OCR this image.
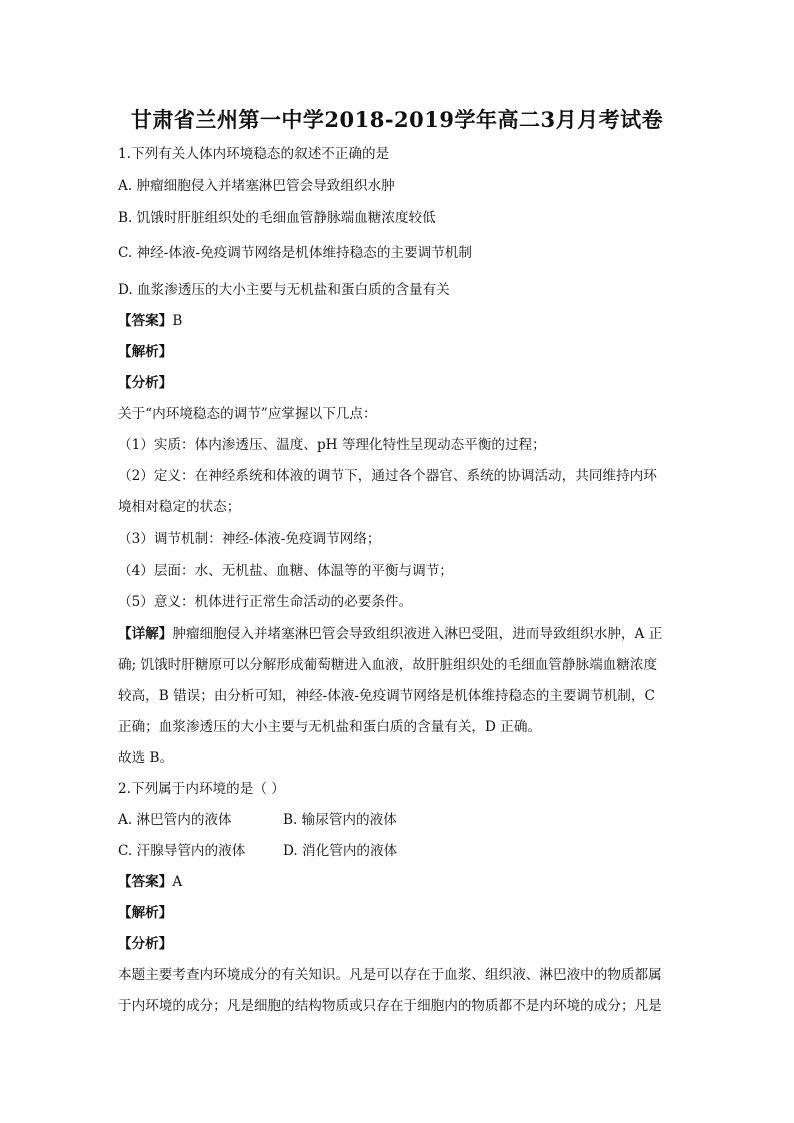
甘肃省兰州第一中学2018-2019学年高二3月月考试卷
1.下列有关人体内环境稳态的叙述不正确的是
A. 肿瘤细胞侵入并堵塞淋巴管会导致组织水肿
B. 饥饿时肝脏组织处的毛细血管静脉端血糖浓度较低
C. 神经-体液-免疫调节网络是机体维持稳态的主要调节机制
D. 血浆渗透压的大小主要与无机盐和蛋白质的含量有关
【答案】B
【解析】
【分析】
关于“内环境稳态的调节”应掌握以下几点：
（1）实质：体内渗透压、温度、pH 等理化特性呈现动态平衡的过程；
（2）定义：在神经系统和体液的调节下，通过各个器官、系统的协调活动，共同维持内环
境相对稳定的状态；
（3）调节机制：神经-体液-免疫调节网络；
（4）层面：水、无机盐、血糖、体温等的平衡与调节；
（5）意义：机体进行正常生命活动的必要条件。
【详解】肿瘤细胞侵入并堵塞淋巴管会导致组织液进入淋巴受阻，进而导致组织水肿，A 正
确; 饥饿时肝糖原可以分解形成葡萄糖进入血液，故肝脏组织处的毛细血管静脉端血糖浓度
较高，B 错误；由分析可知，神经-体液-免疫调节网络是机体维持稳态的主要调节机制，C
正确；血浆渗透压的大小主要与无机盐和蛋白质的含量有关，D 正确。
故选 B。
2.下列属于内环境的是（ ）
A. 淋巴管内的液体	B. 输尿管内的液体
C. 汗腺导管内的液体	D. 消化管内的液体
【答案】A
【解析】
【分析】
本题主要考查内环境成分的有关知识。凡是可以存在于血浆、组织液、淋巴液中的物质都属
于内环境的成分；凡是细胞的结构物质或只存在于细胞内的物质都不是内环境的成分；凡是
